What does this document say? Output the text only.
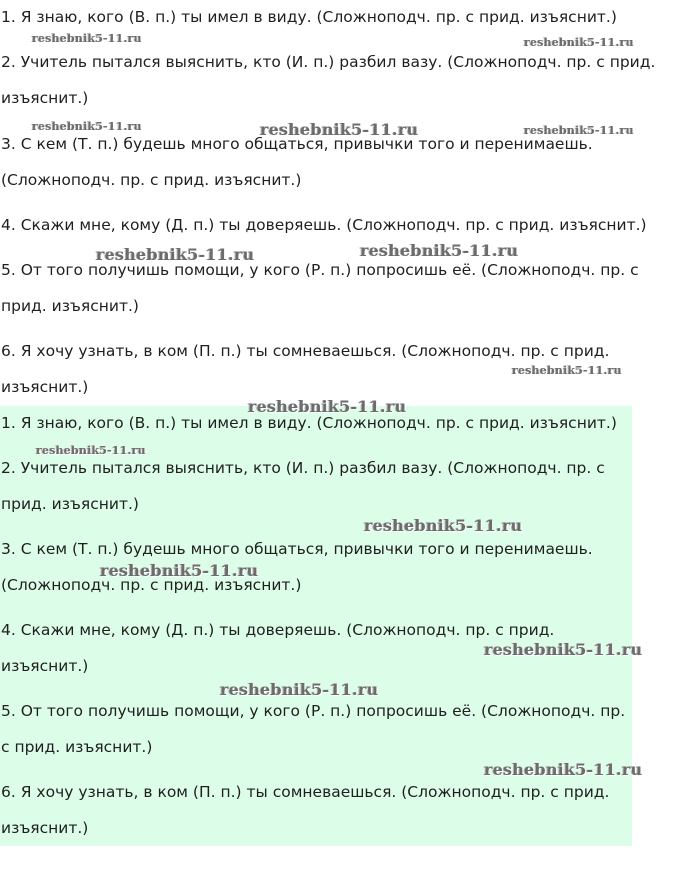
1. Я знаю, кого (В. п.) ты имел в виду. (Сложноподч. пр. с прид. изъяснит.)

2. Учитель пытался выяснить, кто (И. п.) разбил вазу. (Сложноподч. пр. с прид.

изъяснит.)

3. С кем (Т. п.) будешь много общаться, привычки того и перенимаешь.

(Сложноподч. пр. с прид. изъяснит.)

4. Скажи мне, кому (Д. п.) ты доверяешь. (Сложноподч. пр. с прид. изъяснит.)

5. От того получишь помощи, у кого (Р. п.) попросишь её. (Сложноподч. пр. с

прид. изъяснит.)

6. Я хочу узнать, в ком (П. п.) ты сомневаешься. (Сложноподч. пр. с прид.

изъяснит.)

1. Я знаю, кого (В. п.) ты имел в виду. (Сложноподч. пр. с прид. изъяснит.)

2. Учитель пытался выяснить, кто (И. п.) разбил вазу. (Сложноподч. пр. с

прид. изъяснит.)

3. С кем (Т. п.) будешь много общаться, привычки того и перенимаешь.

(Сложноподч. пр. с прид. изъяснит.)

4. Скажи мне, кому (Д. п.) ты доверяешь. (Сложноподч. пр. с прид.

изъяснит.)

5. От того получишь помощи, у кого (Р. п.) попросишь её. (Сложноподч. пр.

с прид. изъяснит.)

6. Я хочу узнать, в ком (П. п.) ты сомневаешься. (Сложноподч. пр. с прид.

изъяснит.)

reshebnik5-11.ru	reshebnik5-11.ru
reshebnik5-11.ru	reshebnik5-11.ru	reshebnik5-11.ru
reshebnik5-11.ru	reshebnik5-11.ru
reshebnik5-11.ru
reshebnik5-11.ru
reshebnik5-11.ru
reshebnik5-11.ru
reshebnik5-11.ru
reshebnik5-11.ru
reshebnik5-11.ru
reshebnik5-11.ru
